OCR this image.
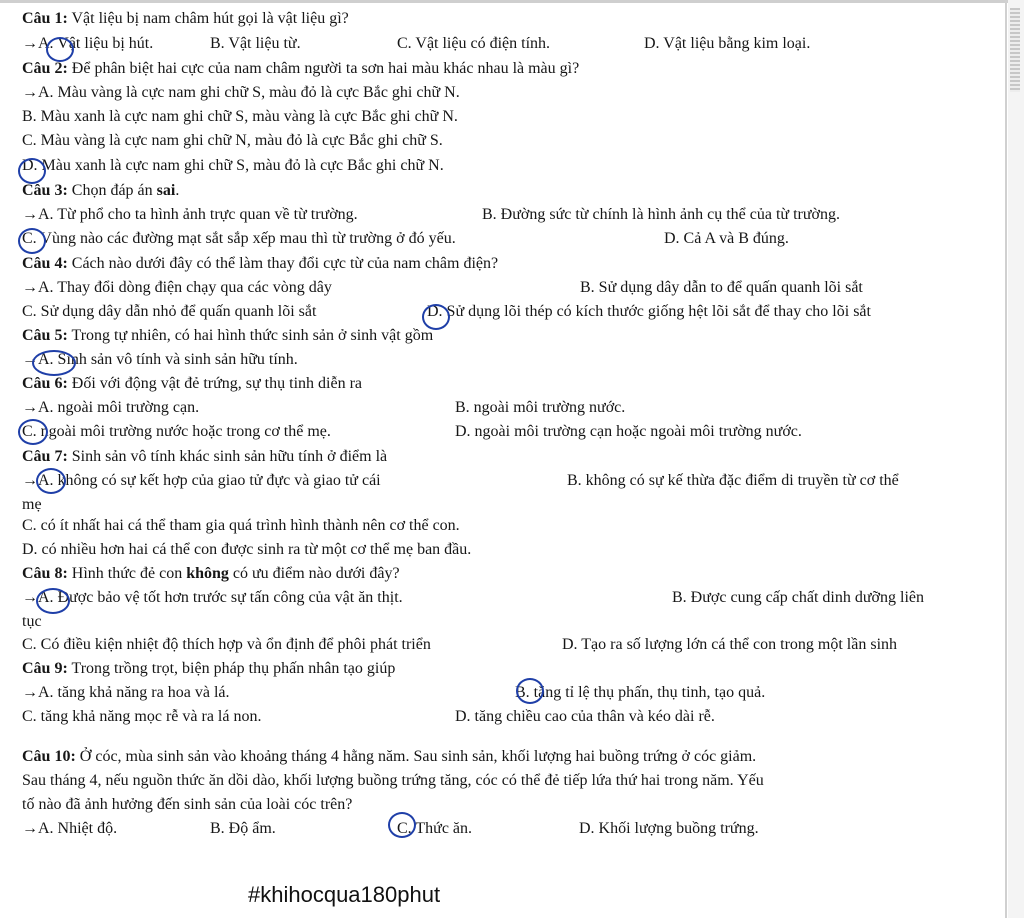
Câu 1: Vật liệu bị nam châm hút gọi là vật liệu gì?
→A. Vật liệu bị hút.	B. Vật liệu từ.	C. Vật liệu có điện tính.	D. Vật liệu bằng kim loại.
Câu 2: Để phân biệt hai cực của nam châm người ta sơn hai màu khác nhau là màu gì?
→A. Màu vàng là cực nam ghi chữ S, màu đỏ là cực Bắc ghi chữ N.
B. Màu xanh là cực nam ghi chữ S, màu vàng là cực Bắc ghi chữ N.
C. Màu vàng là cực nam ghi chữ N, màu đỏ là cực Bắc ghi chữ S.
D. Màu xanh là cực nam ghi chữ S, màu đỏ là cực Bắc ghi chữ N.
Câu 3: Chọn đáp án sai.
→A. Từ phổ cho ta hình ảnh trực quan về từ trường.	B. Đường sức từ chính là hình ảnh cụ thể của từ trường.
C. Vùng nào các đường mạt sắt sắp xếp mau thì từ trường ở đó yếu.	D. Cả A và B đúng.
Câu 4: Cách nào dưới đây có thể làm thay đổi cực từ của nam châm điện?
→A. Thay đổi dòng điện chạy qua các vòng dây	B. Sử dụng dây dẫn to để quấn quanh lõi sắt
C. Sử dụng dây dẫn nhỏ để quấn quanh lõi sắt	D. Sử dụng lõi thép có kích thước giống hệt lõi sắt để thay cho lõi sắt
Câu 5: Trong tự nhiên, có hai hình thức sinh sản ở sinh vật gồm
→A. Sinh sản vô tính và sinh sản hữu tính.
Câu 6: Đối với động vật đẻ trứng, sự thụ tinh diễn ra
→A. ngoài môi trường cạn.	B. ngoài môi trường nước.
C. ngoài môi trường nước hoặc trong cơ thể mẹ.	D. ngoài môi trường cạn hoặc ngoài môi trường nước.
Câu 7: Sinh sản vô tính khác sinh sản hữu tính ở điểm là
→A. không có sự kết hợp của giao tử đực và giao tử cái	B. không có sự kế thừa đặc điểm di truyền từ cơ thể
mẹ
C. có ít nhất hai cá thể tham gia quá trình hình thành nên cơ thể con.
D. có nhiều hơn hai cá thể con được sinh ra từ một cơ thể mẹ ban đầu.
Câu 8: Hình thức đẻ con không có ưu điểm nào dưới đây?
→A. Được bảo vệ tốt hơn trước sự tấn công của vật ăn thịt.	B. Được cung cấp chất dinh dưỡng liên
tục
C. Có điều kiện nhiệt độ thích hợp và ổn định để phôi phát triển	D. Tạo ra số lượng lớn cá thể con trong một lần sinh
Câu 9: Trong trồng trọt, biện pháp thụ phấn nhân tạo giúp
→A. tăng khả năng ra hoa và lá.	B. tăng tỉ lệ thụ phấn, thụ tinh, tạo quả.
C. tăng khả năng mọc rễ và ra lá non.	D. tăng chiều cao của thân và kéo dài rễ.
Câu 10: Ở cóc, mùa sinh sản vào khoảng tháng 4 hằng năm. Sau sinh sản, khối lượng hai buồng trứng ở cóc giảm.
Sau tháng 4, nếu nguồn thức ăn dồi dào, khối lượng buồng trứng tăng, cóc có thể đẻ tiếp lứa thứ hai trong năm. Yếu
tố nào đã ảnh hưởng đến sinh sản của loài cóc trên?
→A. Nhiệt độ.	B. Độ ẩm.	C. Thức ăn.	D. Khối lượng buồng trứng.
#khihocqua180phut
